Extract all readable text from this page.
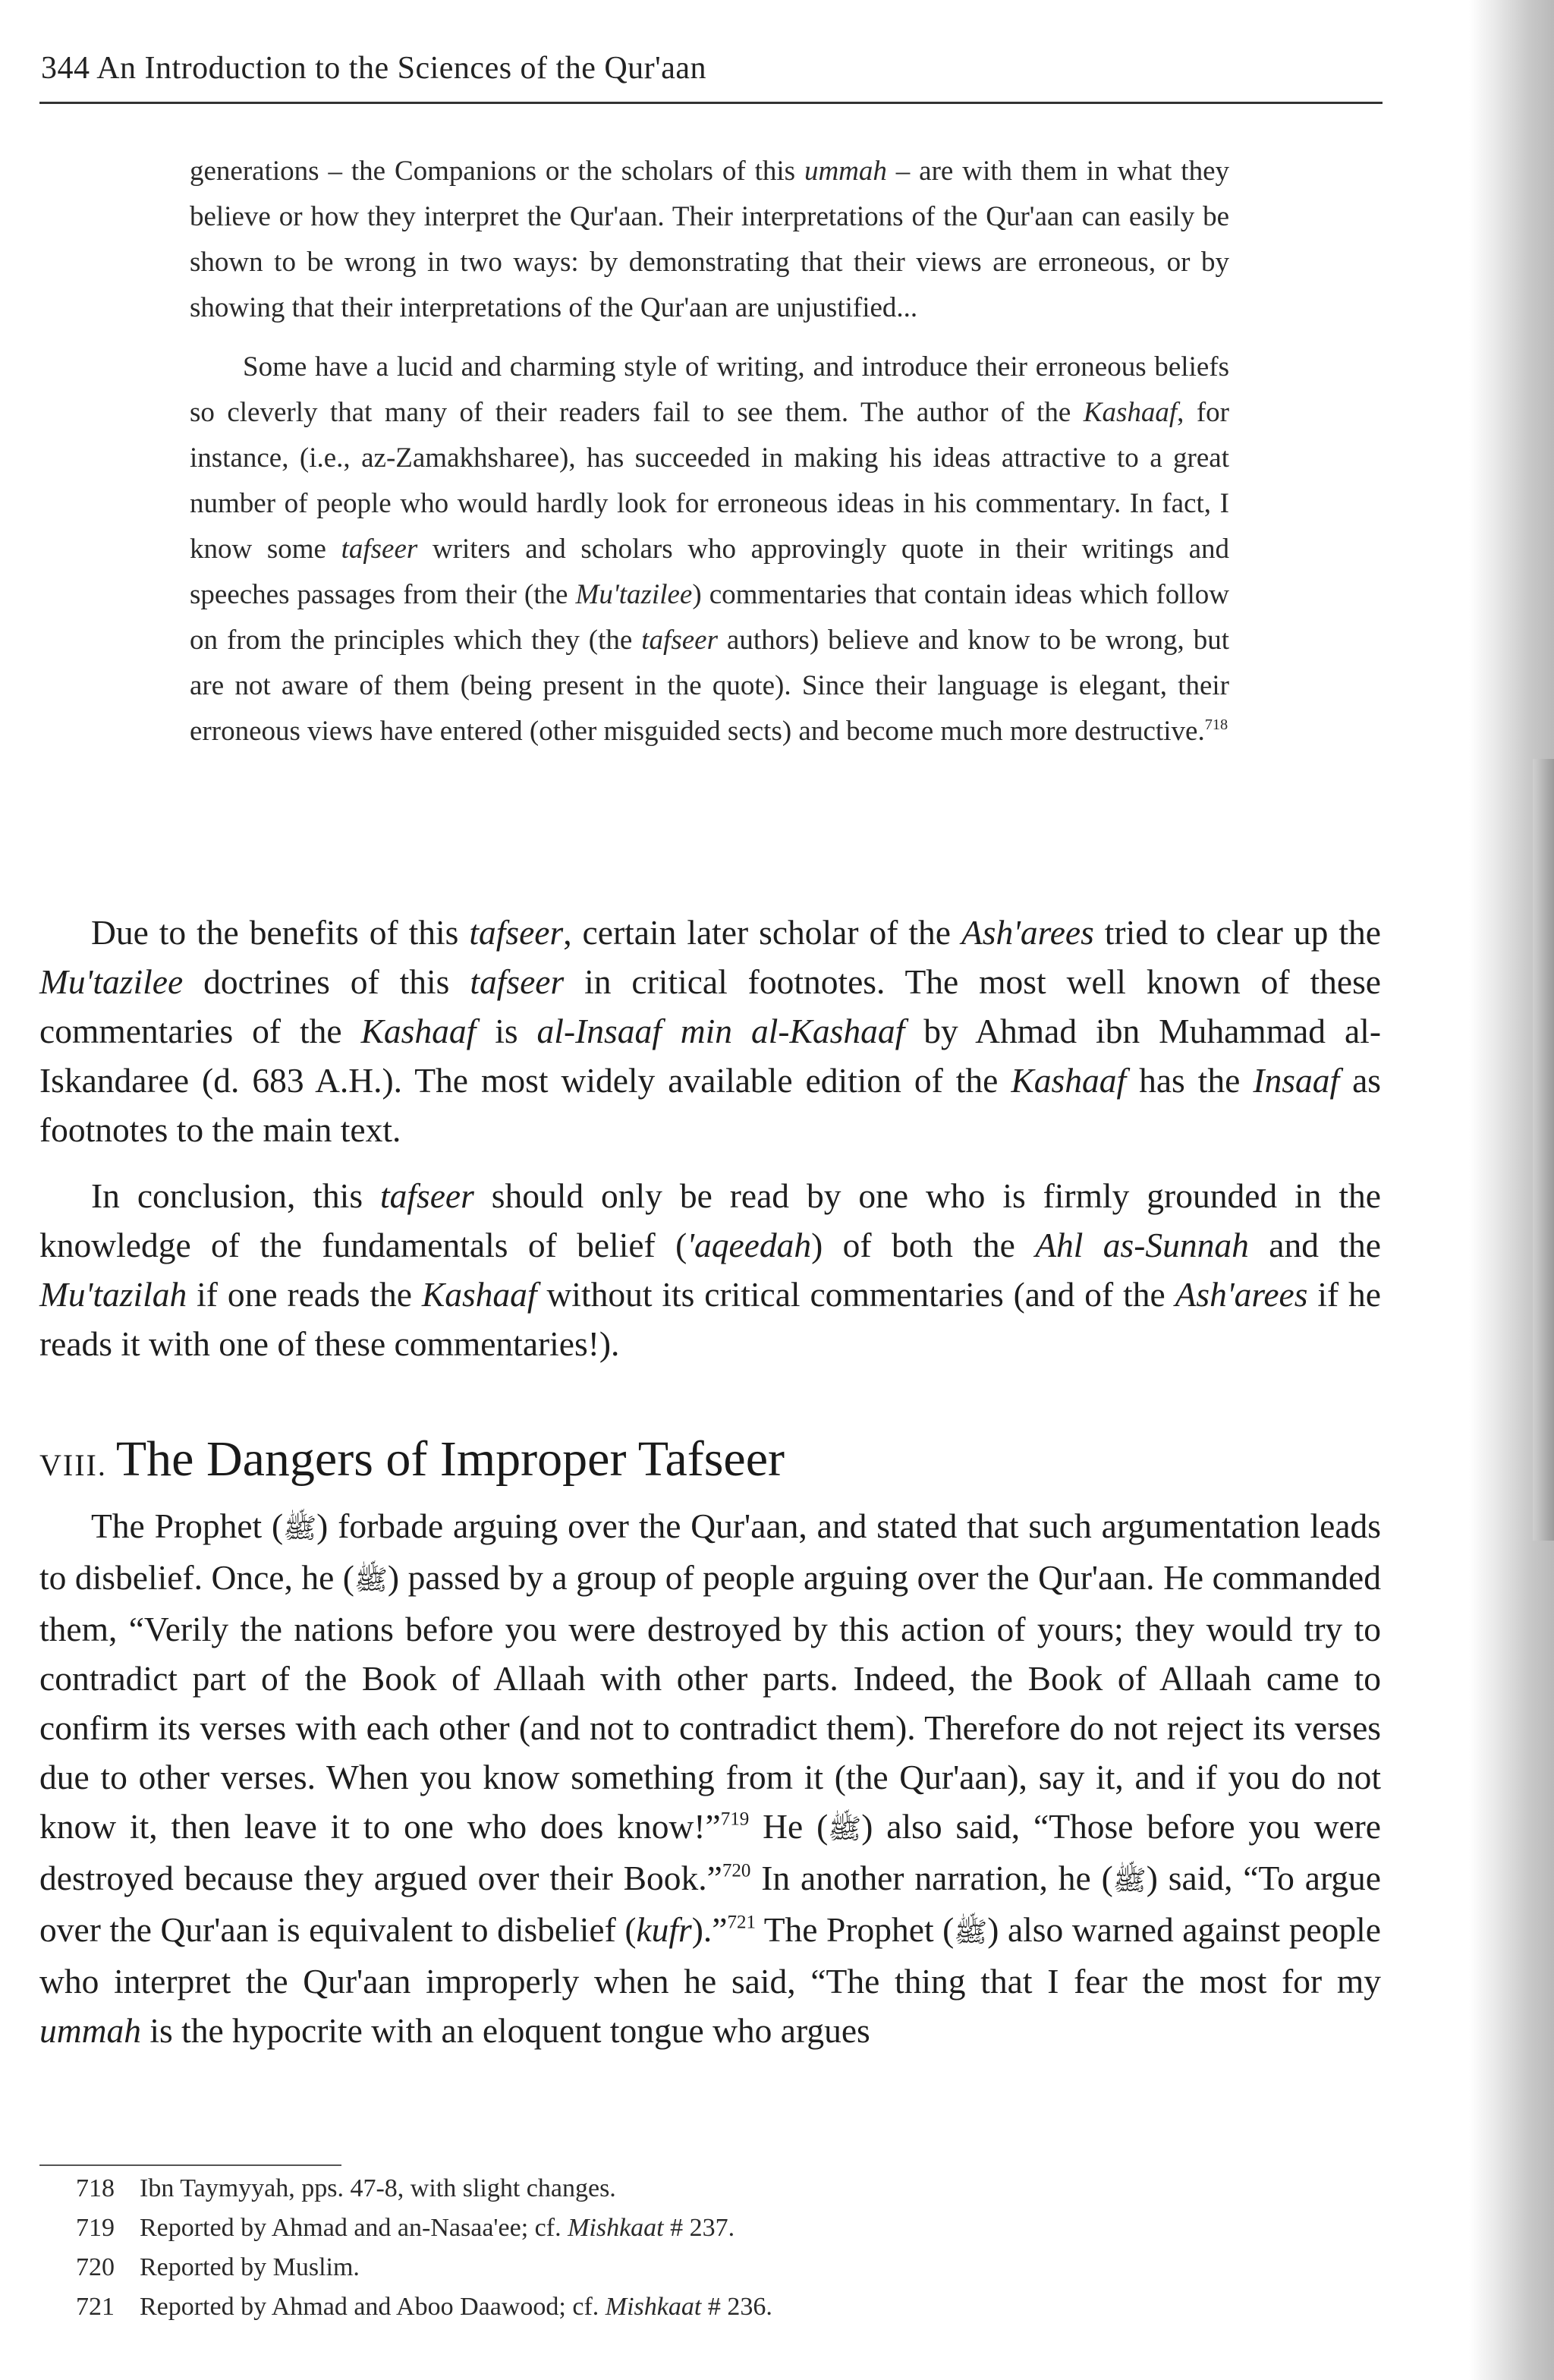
344 An Introduction to the Sciences of the Qur'aan

generations – the Companions or the scholars of this ummah – are with them in what they believe or how they interpret the Qur'aan. Their interpretations of the Qur'aan can easily be shown to be wrong in two ways: by demonstrating that their views are erroneous, or by showing that their interpretations of the Qur'aan are unjustified...

Some have a lucid and charming style of writing, and introduce their erroneous beliefs so cleverly that many of their readers fail to see them. The author of the Kashaaf, for instance, (i.e., az-Zamakhsharee), has succeeded in making his ideas attractive to a great number of people who would hardly look for erroneous ideas in his commentary. In fact, I know some tafseer writers and scholars who approvingly quote in their writings and speeches passages from their (the Mu'tazilee) commentaries that contain ideas which follow on from the principles which they (the tafseer authors) believe and know to be wrong, but are not aware of them (being present in the quote). Since their language is elegant, their erroneous views have entered (other misguided sects) and become much more destructive.$^{718}$

Due to the benefits of this tafseer, certain later scholar of the Ash'arees tried to clear up the Mu'tazilee doctrines of this tafseer in critical footnotes. The most well known of these commentaries of the Kashaaf is al-Insaaf min al-Kashaaf by Ahmad ibn Muhammad al-Iskandaree (d. 683 A.H.). The most widely available edition of the Kashaaf has the Insaaf as footnotes to the main text.

In conclusion, this tafseer should only be read by one who is firmly grounded in the knowledge of the fundamentals of belief ('aqeedah) of both the Ahl as-Sunnah and the Mu'tazilah if one reads the Kashaaf without its critical commentaries (and of the Ash'arees if he reads it with one of these commentaries!).

VIII. The Dangers of Improper Tafseer

The Prophet (ﷺ) forbade arguing over the Qur'aan, and stated that such argumentation leads to disbelief. Once, he (ﷺ) passed by a group of people arguing over the Qur'aan. He commanded them, “Verily the nations before you were destroyed by this action of yours; they would try to contradict part of the Book of Allaah with other parts. Indeed, the Book of Allaah came to confirm its verses with each other (and not to contradict them). Therefore do not reject its verses due to other verses. When you know something from it (the Qur'aan), say it, and if you do not know it, then leave it to one who does know!”$^{719}$ He (ﷺ) also said, “Those before you were destroyed because they argued over their Book.”$^{720}$ In another narration, he (ﷺ) said, “To argue over the Qur'aan is equivalent to disbelief (kufr).”$^{721}$ The Prophet (ﷺ) also warned against people who interpret the Qur'aan improperly when he said, “The thing that I fear the most for my ummah is the hypocrite with an eloquent tongue who argues

718 Ibn Taymyyah, pps. 47-8, with slight changes.
719 Reported by Ahmad and an-Nasaa'ee; cf. Mishkaat # 237.
720 Reported by Muslim.
721 Reported by Ahmad and Aboo Daawood; cf. Mishkaat # 236.
